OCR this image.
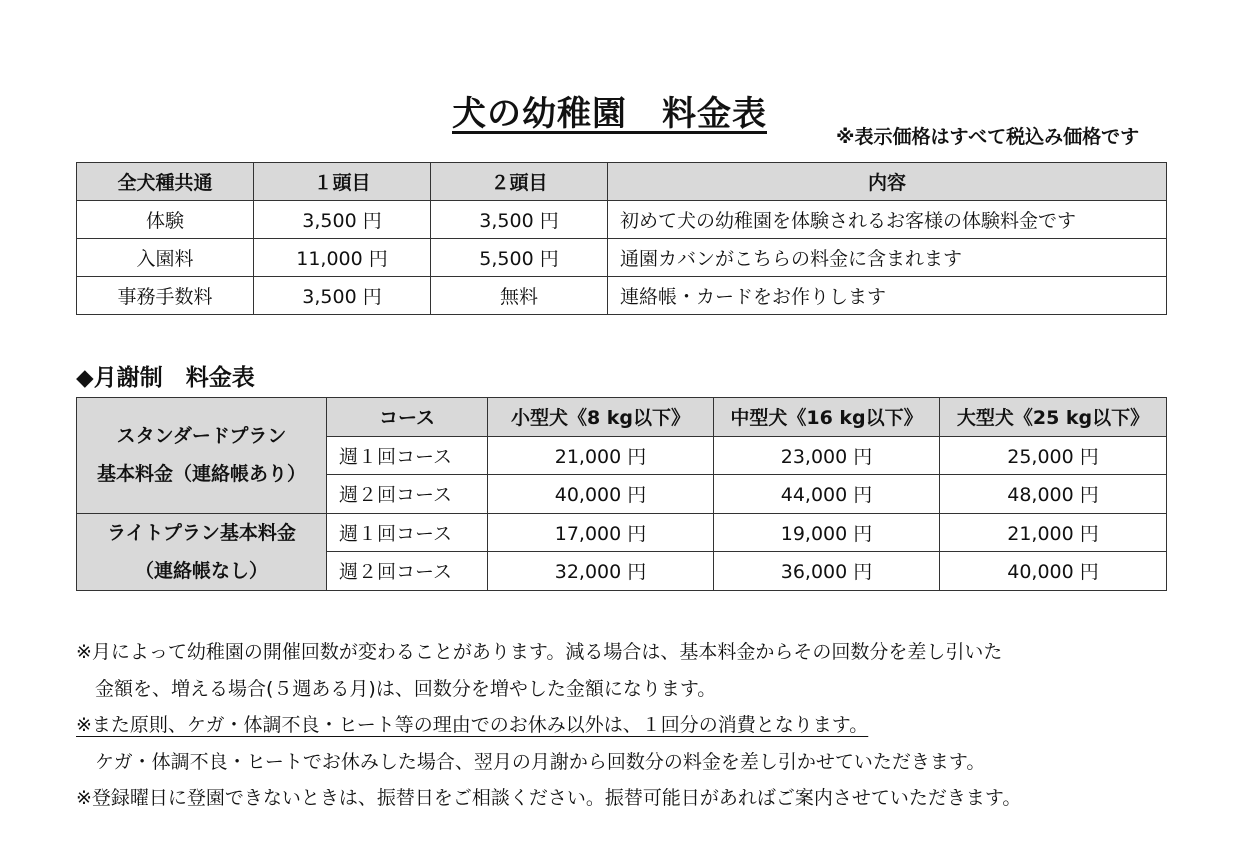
犬の幼稚園　料金表
※表示価格はすべて税込み価格です
全犬種共通	１頭目	２頭目	内容
体験	3,500 円	3,500 円	初めて犬の幼稚園を体験されるお客様の体験料金です
入園料	11,000 円	5,500 円	通園カバンがこちらの料金に含まれます
事務手数料	3,500 円	無料	連絡帳・カードをお作りします
◆月謝制　料金表
スタンダードプラン
基本料金（連絡帳あり）	コース	小型犬《8 kg以下》	中型犬《16 kg以下》	大型犬《25 kg以下》
	週１回コース	21,000 円	23,000 円	25,000 円
	週２回コース	40,000 円	44,000 円	48,000 円

ライトプラン基本料金
（連絡帳なし）	週１回コース	17,000 円	19,000 円	21,000 円
	週２回コース	32,000 円	36,000 円	40,000 円
※月によって幼稚園の開催回数が変わることがあります。減る場合は、基本料金からその回数分を差し引いた
金額を、増える場合(５週ある月)は、回数分を増やした金額になります。
※また原則、ケガ・体調不良・ヒート等の理由でのお休み以外は、１回分の消費となります。
ケガ・体調不良・ヒートでお休みした場合、翌月の月謝から回数分の料金を差し引かせていただきます。
※登録曜日に登園できないときは、振替日をご相談ください。振替可能日があればご案内させていただきます。
